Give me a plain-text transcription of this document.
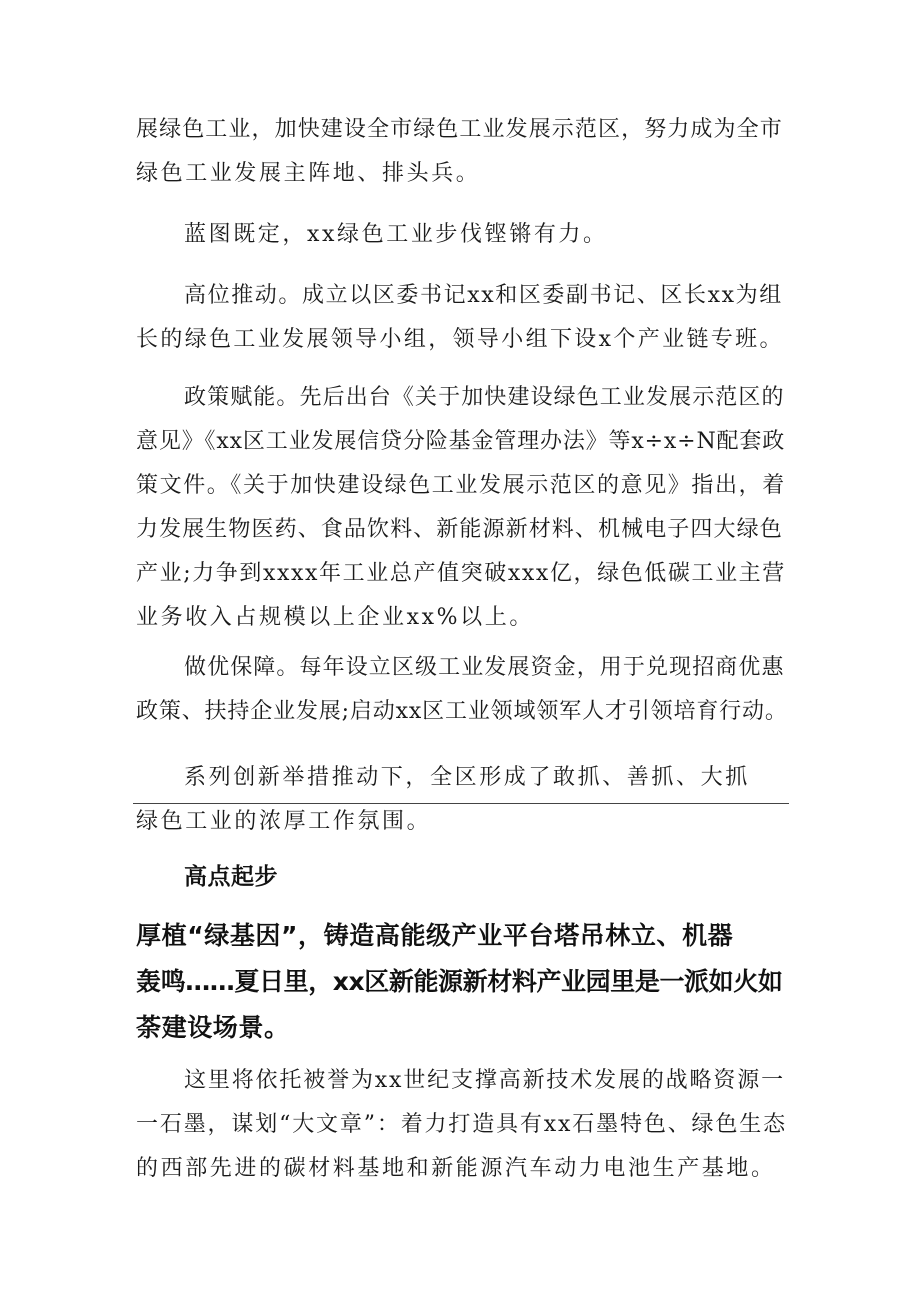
展绿色工业，加快建设全市绿色工业发展示范区，努力成为全市
绿色工业发展主阵地、排头兵。

蓝图既定，xx绿色工业步伐铿锵有力。

高位推动。成立以区委书记xx和区委副书记、区长xx为组
长的绿色工业发展领导小组，领导小组下设x个产业链专班。

政策赋能。先后出台《关于加快建设绿色工业发展示范区的
意见》《xx区工业发展信贷分险基金管理办法》等x÷x÷N配套政
策文件。《关于加快建设绿色工业发展示范区的意见》指出，着
力发展生物医药、食品饮料、新能源新材料、机械电子四大绿色
产业;力争到xxxx年工业总产值突破xxx亿，绿色低碳工业主营
业务收入占规模以上企业xx%以上。

做优保障。每年设立区级工业发展资金，用于兑现招商优惠
政策、扶持企业发展;启动xx区工业领域领军人才引领培育行动。

系列创新举措推动下，全区形成了敢抓、善抓、大抓
绿色工业的浓厚工作氛围。

高点起步
厚植“绿基因”，铸造高能级产业平台塔吊林立、机器
轰鸣……夏日里，xx区新能源新材料产业园里是一派如火如
荼建设场景。

这里将依托被誉为xx世纪支撑高新技术发展的战略资源一
一石墨，谋划“大文章”：着力打造具有xx石墨特色、绿色生态
的西部先进的碳材料基地和新能源汽车动力电池生产基地。
